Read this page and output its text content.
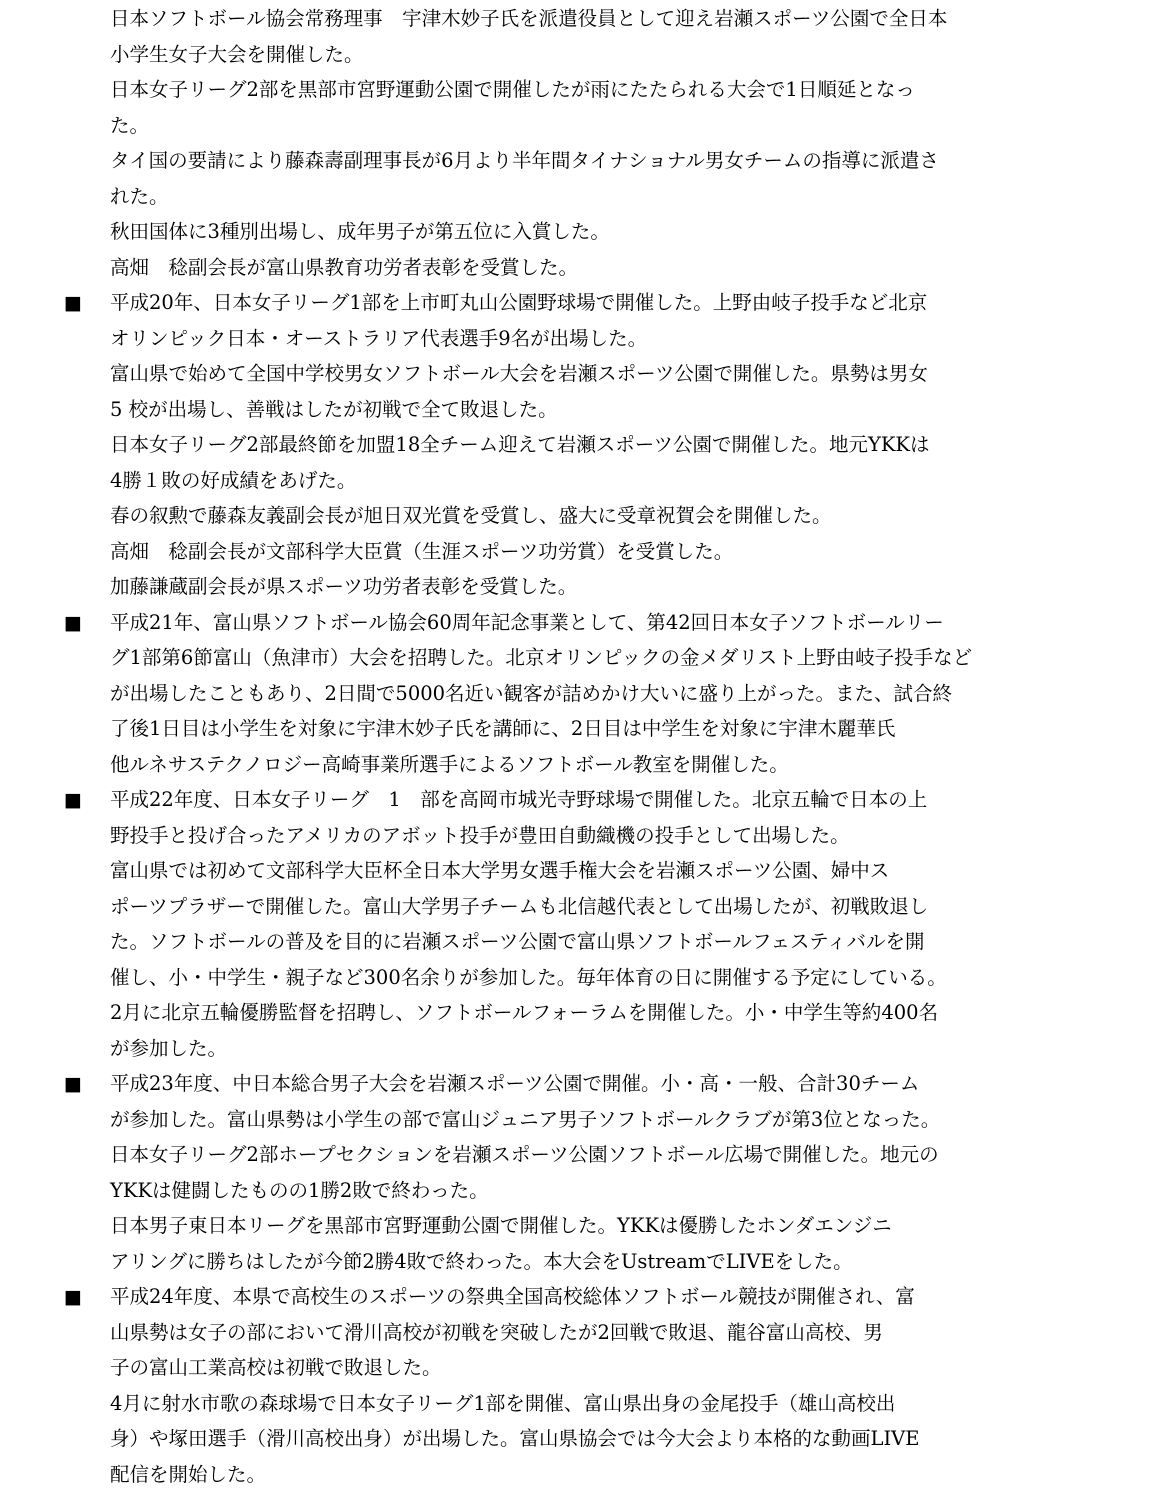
日本ソフトボール協会常務理事　宇津木妙子氏を派遣役員として迎え岩瀬スポーツ公園で全日本
小学生女子大会を開催した。
日本女子リーグ2部を黒部市宮野運動公園で開催したが雨にたたられる大会で1日順延となっ
た。
タイ国の要請により藤森壽副理事長が6月より半年間タイナショナル男女チームの指導に派遣さ
れた。
秋田国体に3種別出場し、成年男子が第五位に入賞した。
高畑　稔副会長が富山県教育功労者表彰を受賞した。
■ 平成20年、日本女子リーグ1部を上市町丸山公園野球場で開催した。上野由岐子投手など北京
オリンピック日本・オーストラリア代表選手9名が出場した。
富山県で始めて全国中学校男女ソフトボール大会を岩瀬スポーツ公園で開催した。県勢は男女
5 校が出場し、善戦はしたが初戦で全て敗退した。
日本女子リーグ2部最終節を加盟18全チーム迎えて岩瀬スポーツ公園で開催した。地元YKKは
4勝１敗の好成績をあげた。
春の叙勲で藤森友義副会長が旭日双光賞を受賞し、盛大に受章祝賀会を開催した。
高畑　稔副会長が文部科学大臣賞（生涯スポーツ功労賞）を受賞した。
加藤謙蔵副会長が県スポーツ功労者表彰を受賞した。
■ 平成21年、富山県ソフトボール協会60周年記念事業として、第42回日本女子ソフトボールリー
グ1部第6節富山（魚津市）大会を招聘した。北京オリンピックの金メダリスト上野由岐子投手など
が出場したこともあり、2日間で5000名近い観客が詰めかけ大いに盛り上がった。また、試合終
了後1日目は小学生を対象に宇津木妙子氏を講師に、2日目は中学生を対象に宇津木麗華氏
他ルネサステクノロジー高崎事業所選手によるソフトボール教室を開催した。
■ 平成22年度、日本女子リーグ　1　部を高岡市城光寺野球場で開催した。北京五輪で日本の上
野投手と投げ合ったアメリカのアボット投手が豊田自動織機の投手として出場した。
富山県では初めて文部科学大臣杯全日本大学男女選手権大会を岩瀬スポーツ公園、婦中ス
ポーツプラザーで開催した。富山大学男子チームも北信越代表として出場したが、初戦敗退し
た。ソフトボールの普及を目的に岩瀬スポーツ公園で富山県ソフトボールフェスティバルを開
催し、小・中学生・親子など300名余りが参加した。毎年体育の日に開催する予定にしている。
2月に北京五輪優勝監督を招聘し、ソフトボールフォーラムを開催した。小・中学生等約400名
が参加した。
■ 平成23年度、中日本総合男子大会を岩瀬スポーツ公園で開催。小・高・一般、合計30チーム
が参加した。富山県勢は小学生の部で富山ジュニア男子ソフトボールクラブが第3位となった。
日本女子リーグ2部ホープセクションを岩瀬スポーツ公園ソフトボール広場で開催した。地元の
YKKは健闘したものの1勝2敗で終わった。
日本男子東日本リーグを黒部市宮野運動公園で開催した。YKKは優勝したホンダエンジニ
アリングに勝ちはしたが今節2勝4敗で終わった。本大会をUstreamでLIVEをした。
■ 平成24年度、本県で高校生のスポーツの祭典全国高校総体ソフトボール競技が開催され、富
山県勢は女子の部において滑川高校が初戦を突破したが2回戦で敗退、龍谷富山高校、男
子の富山工業高校は初戦で敗退した。
4月に射水市歌の森球場で日本女子リーグ1部を開催、富山県出身の金尾投手（雄山高校出
身）や塚田選手（滑川高校出身）が出場した。富山県協会では今大会より本格的な動画LIVE
配信を開始した。
